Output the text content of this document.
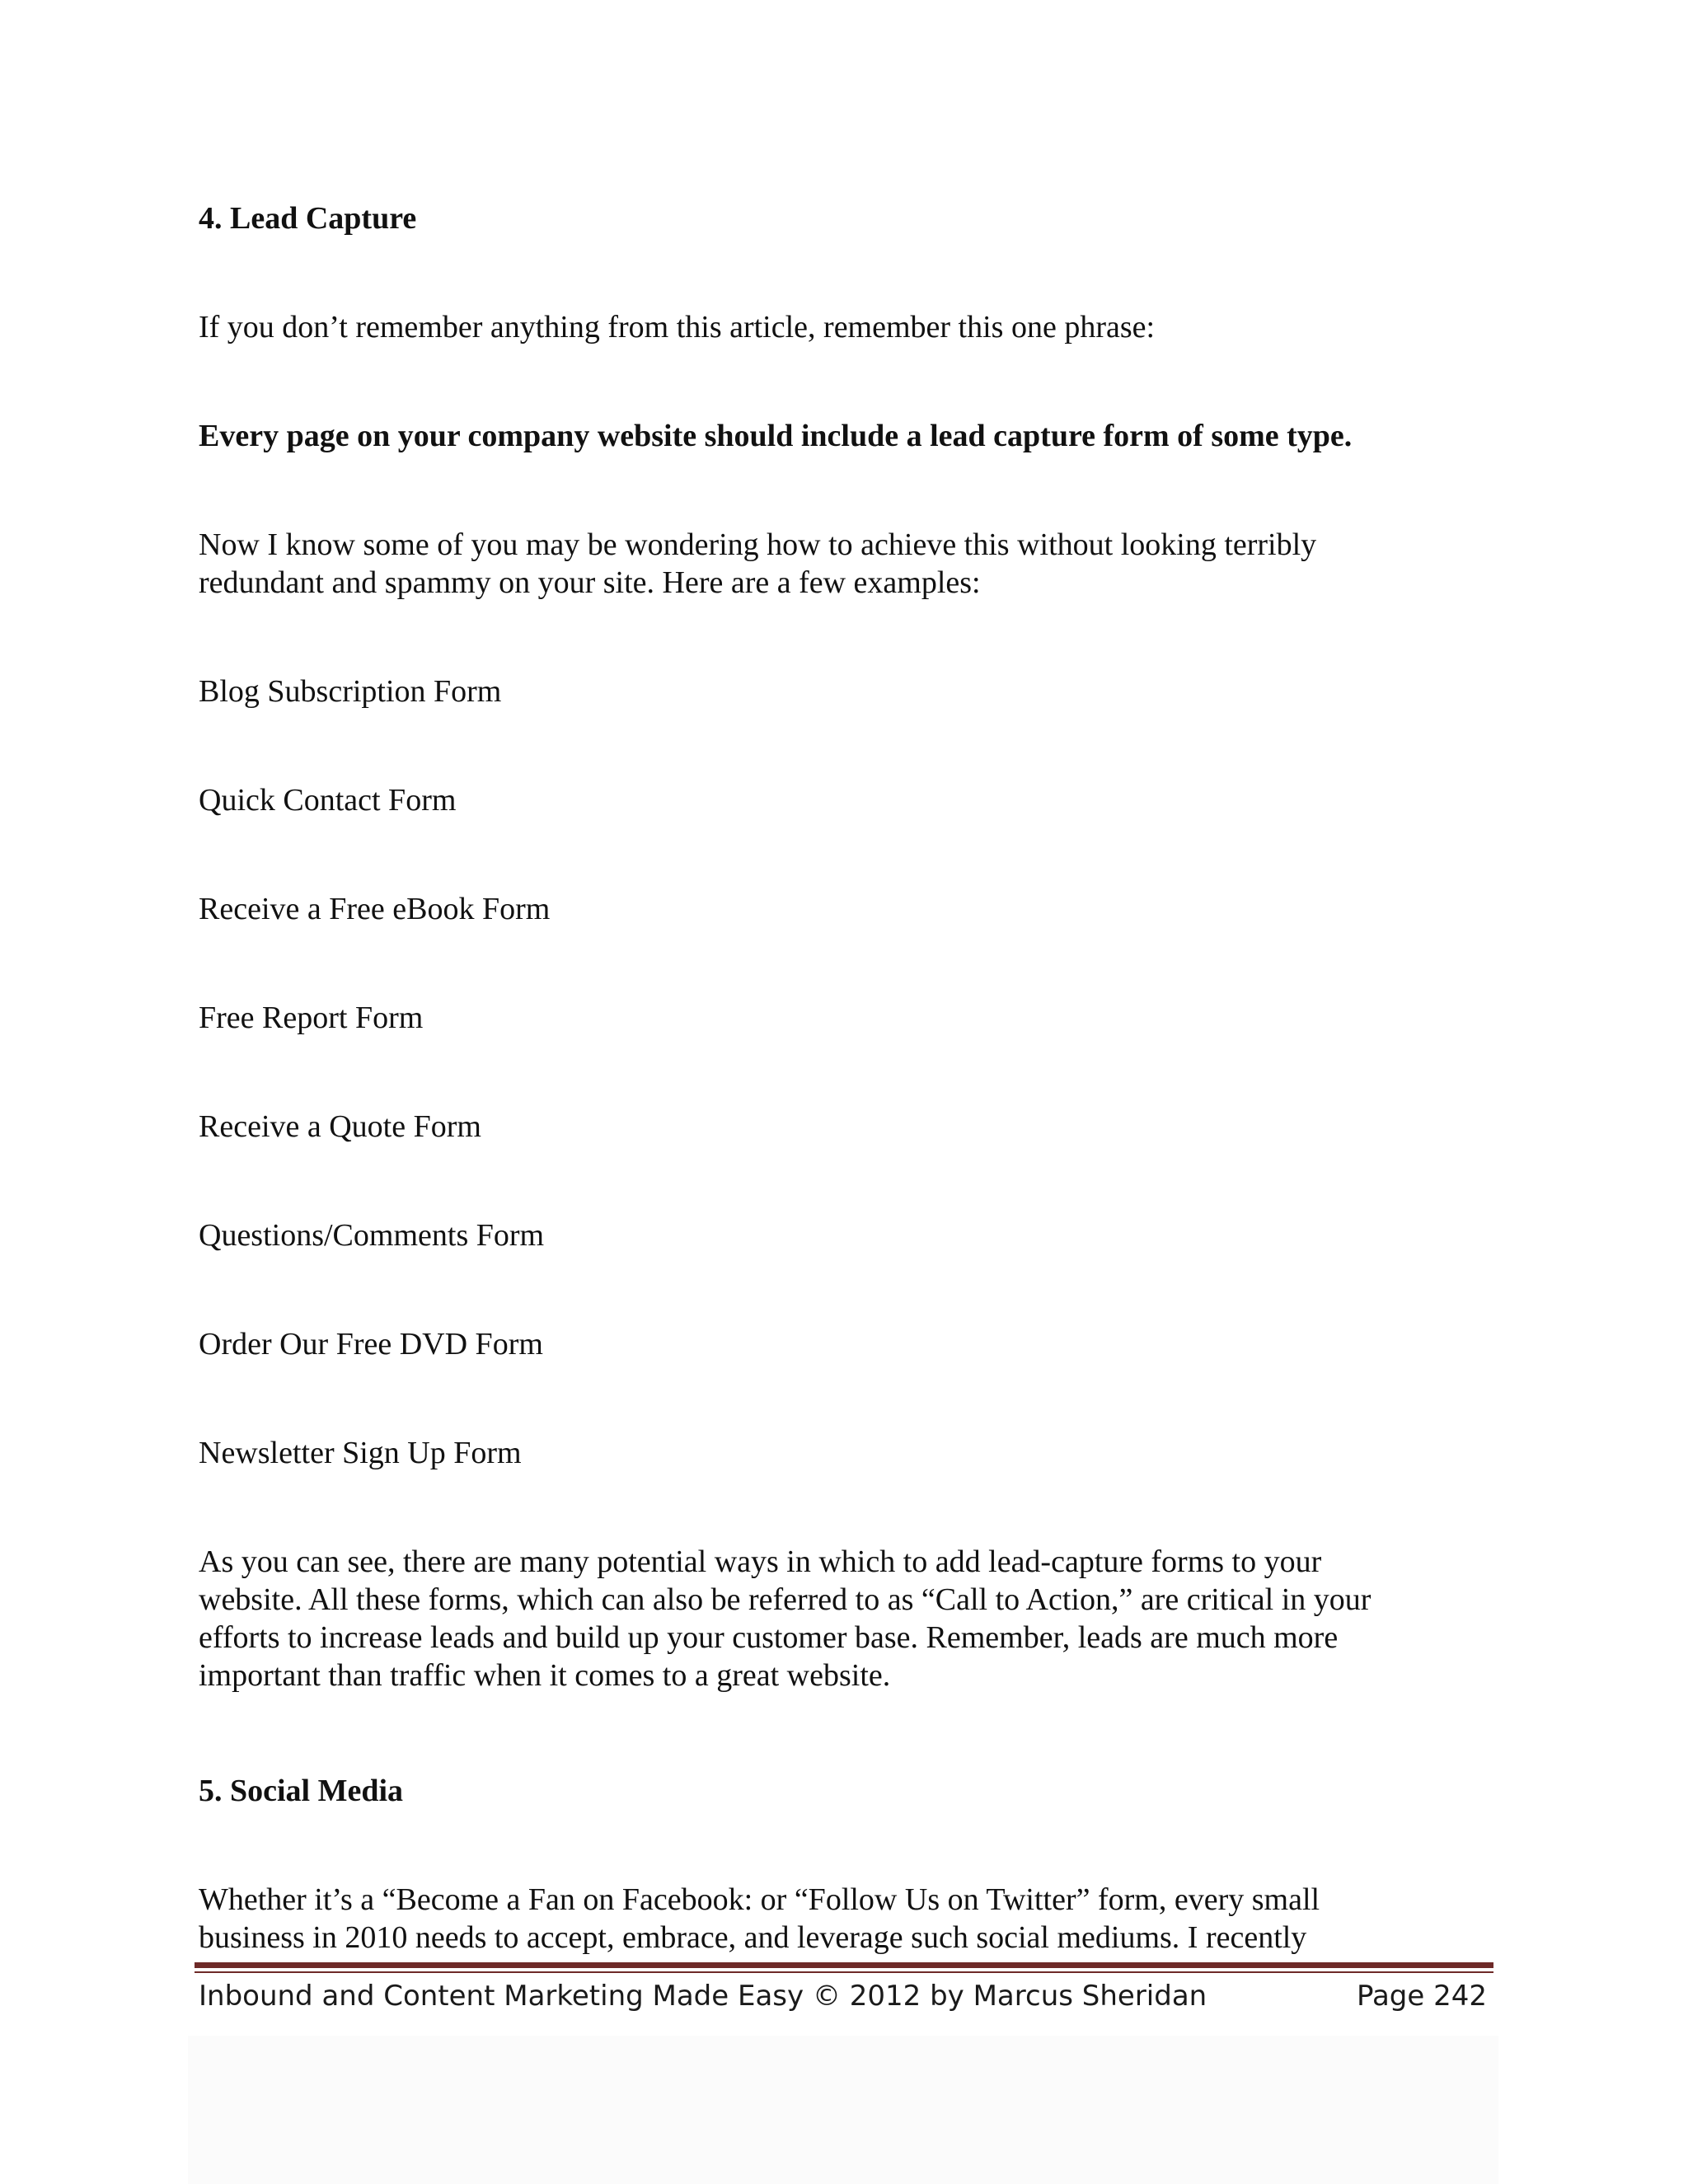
4. Lead Capture

If you don’t remember anything from this article, remember this one phrase:

Every page on your company website should include a lead capture form of some type.

Now I know some of you may be wondering how to achieve this without looking terribly

redundant and spammy on your site. Here are a few examples:

Blog Subscription Form

Quick Contact Form

Receive a Free eBook Form

Free Report Form

Receive a Quote Form

Questions/Comments Form

Order Our Free DVD Form

Newsletter Sign Up Form

As you can see, there are many potential ways in which to add lead-capture forms to your

website. All these forms, which can also be referred to as “Call to Action,” are critical in your

efforts to increase leads and build up your customer base. Remember, leads are much more

important than traffic when it comes to a great website.

5. Social Media

Whether it’s a “Become a Fan on Facebook: or “Follow Us on Twitter” form, every small

business in 2010 needs to accept, embrace, and leverage such social mediums. I recently

Inbound and Content Marketing Made Easy © 2012 by Marcus Sheridan	Page 242
